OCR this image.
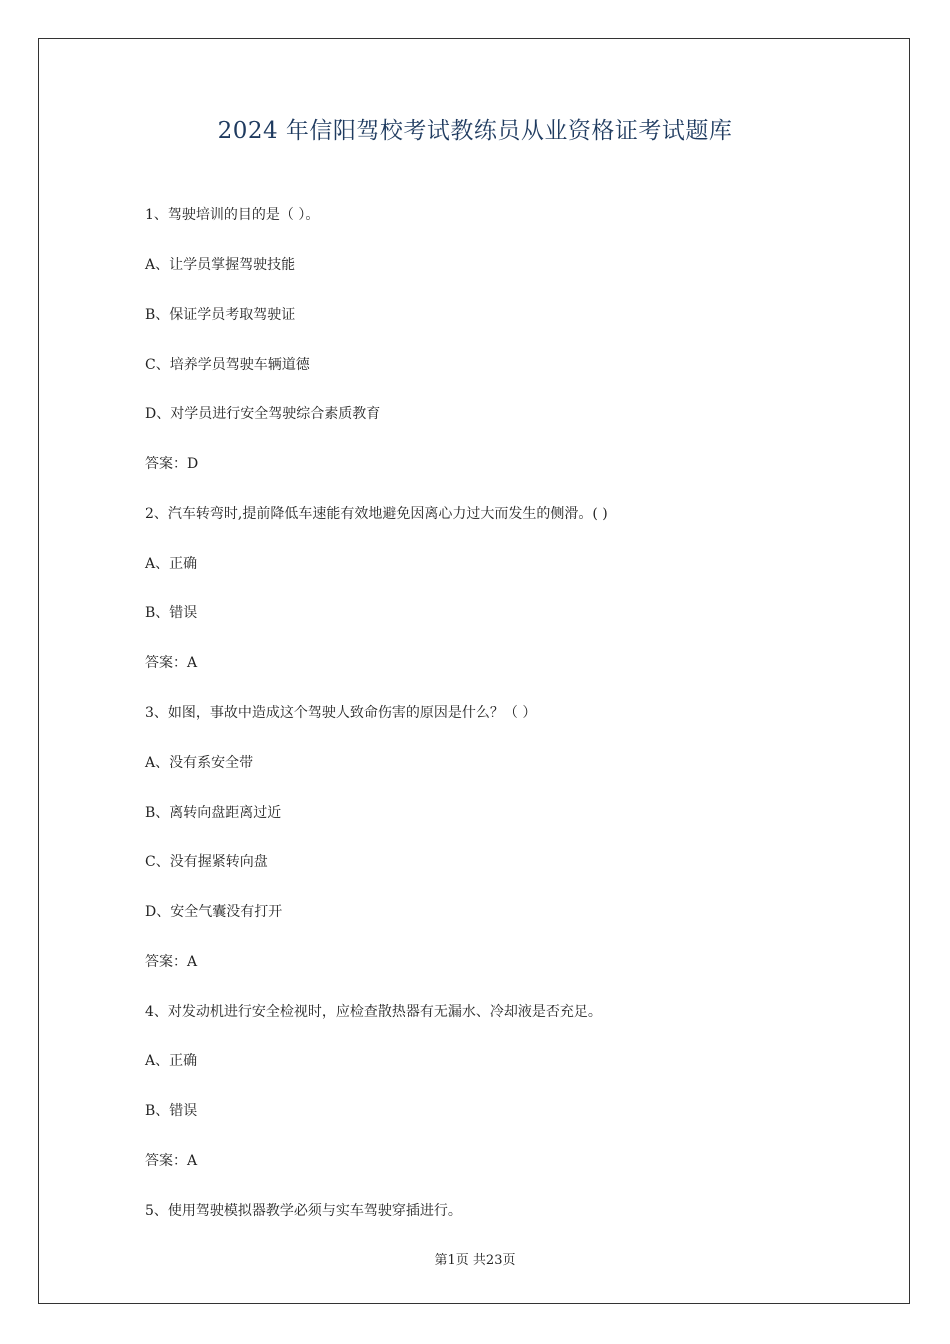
2024 年信阳驾校考试教练员从业资格证考试题库
1、驾驶培训的目的是（ ）。
A、让学员掌握驾驶技能
B、保证学员考取驾驶证
C、培养学员驾驶车辆道德
D、对学员进行安全驾驶综合素质教育
答案：D
2、汽车转弯时,提前降低车速能有效地避免因离心力过大而发生的侧滑。( )
A、正确
B、错误
答案：A
3、如图，事故中造成这个驾驶人致命伤害的原因是什么？（ ）
A、没有系安全带
B、离转向盘距离过近
C、没有握紧转向盘
D、安全气囊没有打开
答案：A
4、对发动机进行安全检视时，应检查散热器有无漏水、冷却液是否充足。
A、正确
B、错误
答案：A
5、使用驾驶模拟器教学必须与实车驾驶穿插进行。
第1页 共23页
